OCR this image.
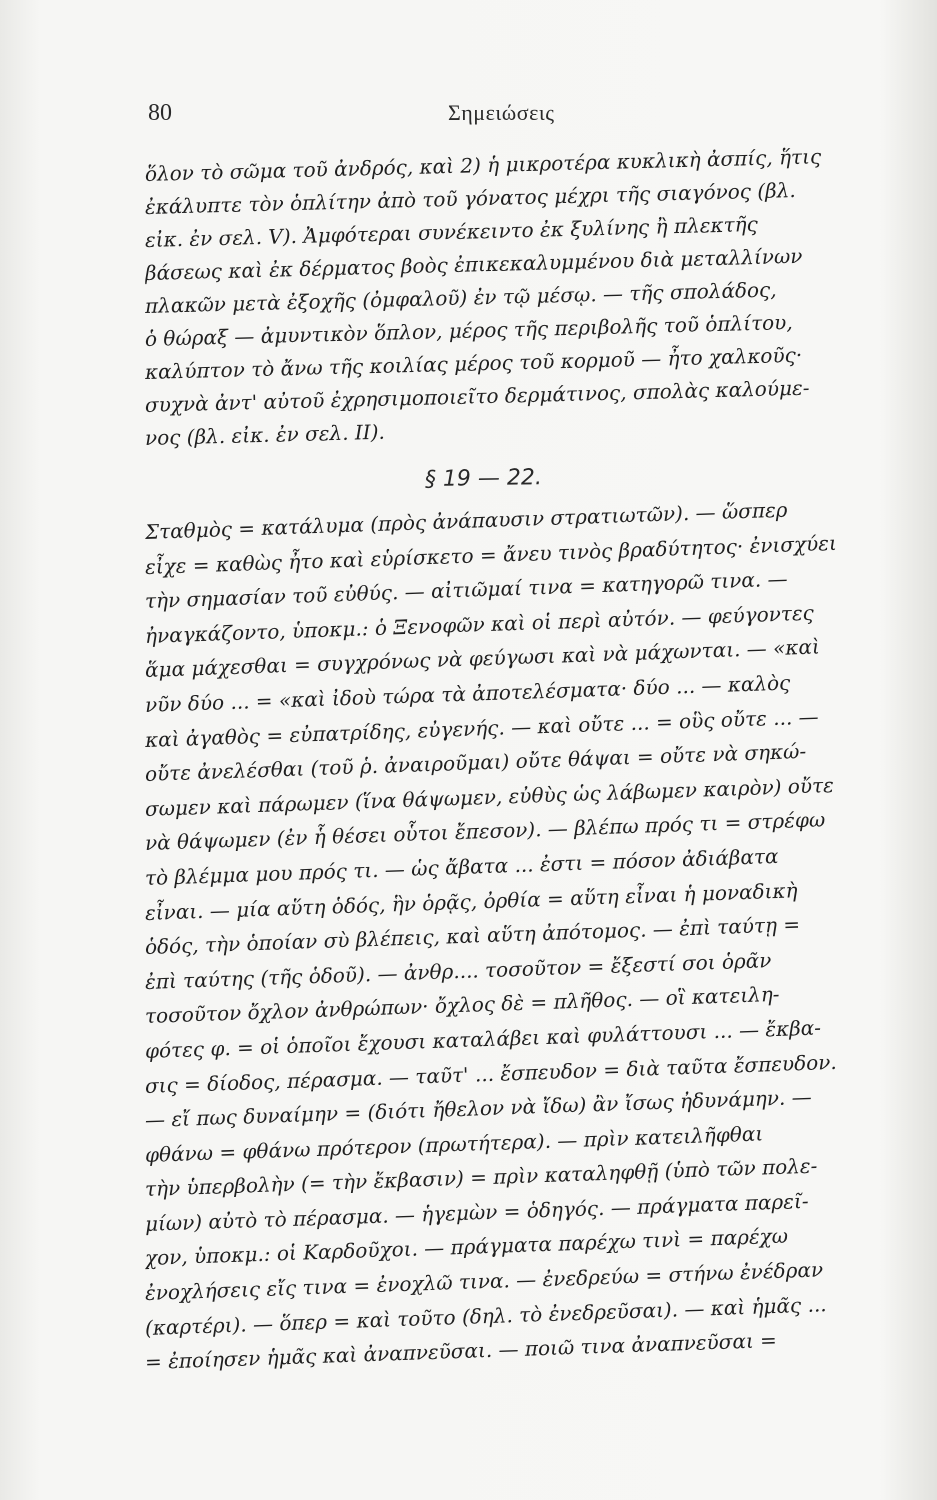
80	Σημειώσεις
ὅλον τὸ σῶμα τοῦ ἀνδρός, καὶ 2) ἡ μικροτέρα κυκλικὴ ἀσπίς, ἥτις
ἐκάλυπτε τὸν ὁπλίτην ἀπὸ τοῦ γόνατος μέχρι τῆς σιαγόνος (βλ.
εἰκ. ἐν σελ. V). Ἀμφότεραι συνέκειντο ἐκ ξυλίνης ἢ πλεκτῆς
βάσεως καὶ ἐκ δέρματος βοὸς ἐπικεκαλυμμένου διὰ μεταλλίνων
πλακῶν μετὰ ἐξοχῆς (ὀμφαλοῦ) ἐν τῷ μέσῳ. — τῆς σπολάδος,
ὁ θώραξ — ἀμυντικὸν ὅπλον, μέρος τῆς περιβολῆς τοῦ ὁπλίτου,
καλύπτον τὸ ἄνω τῆς κοιλίας μέρος τοῦ κορμοῦ — ἦτο χαλκοῦς·
συχνὰ ἀντ' αὐτοῦ ἐχρησιμοποιεῖτο δερμάτινος, σπολὰς καλούμε-
νος (βλ. εἰκ. ἐν σελ. II).
§ 19 — 22.
Σταθμὸς = κατάλυμα (πρὸς ἀνάπαυσιν στρατιωτῶν). — ὥσπερ
εἶχε = καθὼς ἦτο καὶ εὑρίσκετο = ἄνευ τινὸς βραδύτητος· ἐνισχύει
τὴν σημασίαν τοῦ εὐθύς. — αἰτιῶμαί τινα = κατηγορῶ τινα. —
ἠναγκάζοντο, ὑποκμ.: ὁ Ξενοφῶν καὶ οἱ περὶ αὐτόν. — φεύγοντες
ἅμα μάχεσθαι = συγχρόνως νὰ φεύγωσι καὶ νὰ μάχωνται. — «καὶ
νῦν δύο ... = «καὶ ἰδοὺ τώρα τὰ ἀποτελέσματα· δύο ... — καλὸς
καὶ ἀγαθὸς = εὐπατρίδης, εὐγενής. — καὶ οὔτε ... = οὓς οὔτε ... —
οὔτε ἀνελέσθαι (τοῦ ῥ. ἀναιροῦμαι) οὔτε θάψαι = οὔτε νὰ σηκώ-
σωμεν καὶ πάρωμεν (ἵνα θάψωμεν, εὐθὺς ὡς λάβωμεν καιρὸν) οὔτε
νὰ θάψωμεν (ἐν ἧ θέσει οὗτοι ἔπεσον). — βλέπω πρός τι = στρέφω
τὸ βλέμμα μου πρός τι. — ὡς ἄβατα ... ἐστι = πόσον ἀδιάβατα
εἶναι. — μία αὕτη ὁδός, ἣν ὁρᾷς, ὀρθία = αὕτη εἶναι ἡ μοναδικὴ
ὁδός, τὴν ὁποίαν σὺ βλέπεις, καὶ αὕτη ἀπότομος. — ἐπὶ ταύτῃ =
ἐπὶ ταύτης (τῆς ὁδοῦ). — ἀνθρ.... τοσοῦτον = ἔξεστί σοι ὁρᾶν
τοσοῦτον ὄχλον ἀνθρώπων· ὄχλος δὲ = πλῆθος. — οἳ κατειλη-
φότες φ. = οἱ ὁποῖοι ἔχουσι καταλάβει καὶ φυλάττουσι ... — ἔκβα-
σις = δίοδος, πέρασμα. — ταῦτ' ... ἔσπευδον = διὰ ταῦτα ἔσπευδον.
— εἴ πως δυναίμην = (διότι ἤθελον νὰ ἴδω) ἂν ἴσως ἠδυνάμην. —
φθάνω = φθάνω πρότερον (πρωτήτερα). — πρὶν κατειλῆφθαι
τὴν ὑπερβολὴν (= τὴν ἔκβασιν) = πρὶν καταληφθῇ (ὑπὸ τῶν πολε-
μίων) αὐτὸ τὸ πέρασμα. — ἡγεμὼν = ὁδηγός. — πράγματα παρεῖ-
χον, ὑποκμ.: οἱ Καρδοῦχοι. — πράγματα παρέχω τινὶ = παρέχω
ἐνοχλήσεις εἴς τινα = ἐνοχλῶ τινα. — ἐνεδρεύω = στήνω ἐνέδραν
(καρτέρι). — ὅπερ = καὶ τοῦτο (δηλ. τὸ ἐνεδρεῦσαι). — καὶ ἡμᾶς ...
= ἐποίησεν ἡμᾶς καὶ ἀναπνεῦσαι. — ποιῶ τινα ἀναπνεῦσαι =
